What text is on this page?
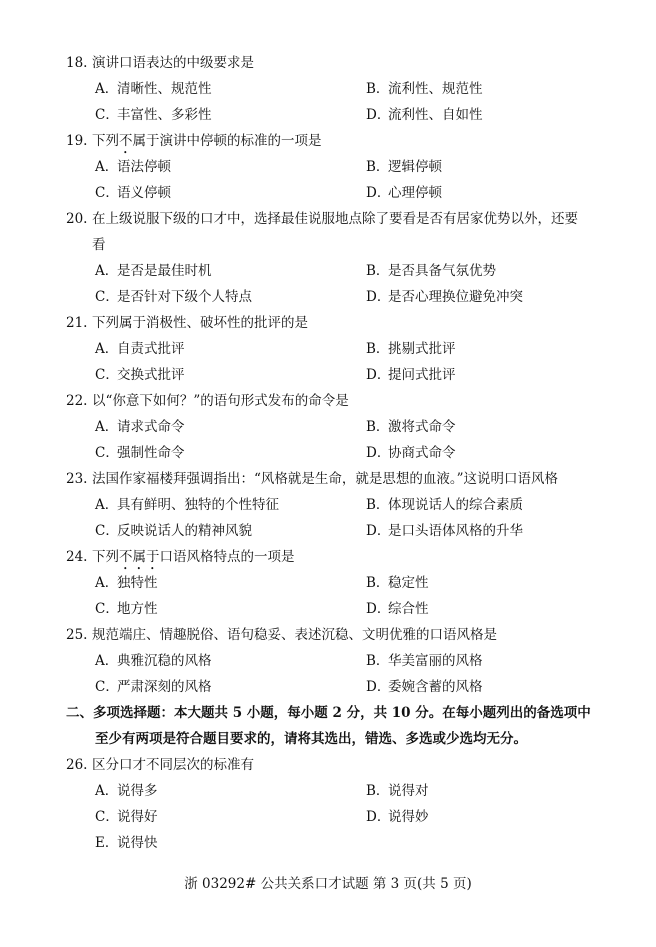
18. 演讲口语表达的中级要求是
A．清晰性、规范性	B．流利性、规范性
C．丰富性、多彩性	D．流利性、自如性
19. 下列不属于演讲中停顿的标准的一项是
A．语法停顿	B．逻辑停顿
C．语义停顿	D．心理停顿
20. 在上级说服下级的口才中，选择最佳说服地点除了要看是否有居家优势以外，还要
看
A．是否是最佳时机	B．是否具备气氛优势
C．是否针对下级个人特点	D．是否心理换位避免冲突
21. 下列属于消极性、破坏性的批评的是
A．自责式批评	B．挑剔式批评
C．交换式批评	D．提问式批评
22. 以“你意下如何？”的语句形式发布的命令是
A．请求式命令	B．激将式命令
C．强制性命令	D．协商式命令
23. 法国作家福楼拜强调指出：“风格就是生命，就是思想的血液。”这说明口语风格
A．具有鲜明、独特的个性特征	B．体现说话人的综合素质
C．反映说话人的精神风貌	D．是口头语体风格的升华
24. 下列不属于口语风格特点的一项是
A．独特性	B．稳定性
C．地方性	D．综合性
25. 规范端庄、情趣脱俗、语句稳妥、表述沉稳、文明优雅的口语风格是
A．典雅沉稳的风格	B．华美富丽的风格
C．严肃深刻的风格	D．委婉含蓄的风格
二、多项选择题：本大题共 5 小题，每小题 2 分，共 10 分。在每小题列出的备选项中
至少有两项是符合题目要求的，请将其选出，错选、多选或少选均无分。
26. 区分口才不同层次的标准有
A．说得多	B．说得对
C．说得好	D．说得妙
E．说得快
浙 03292# 公共关系口才试题 第 3 页(共 5 页)
